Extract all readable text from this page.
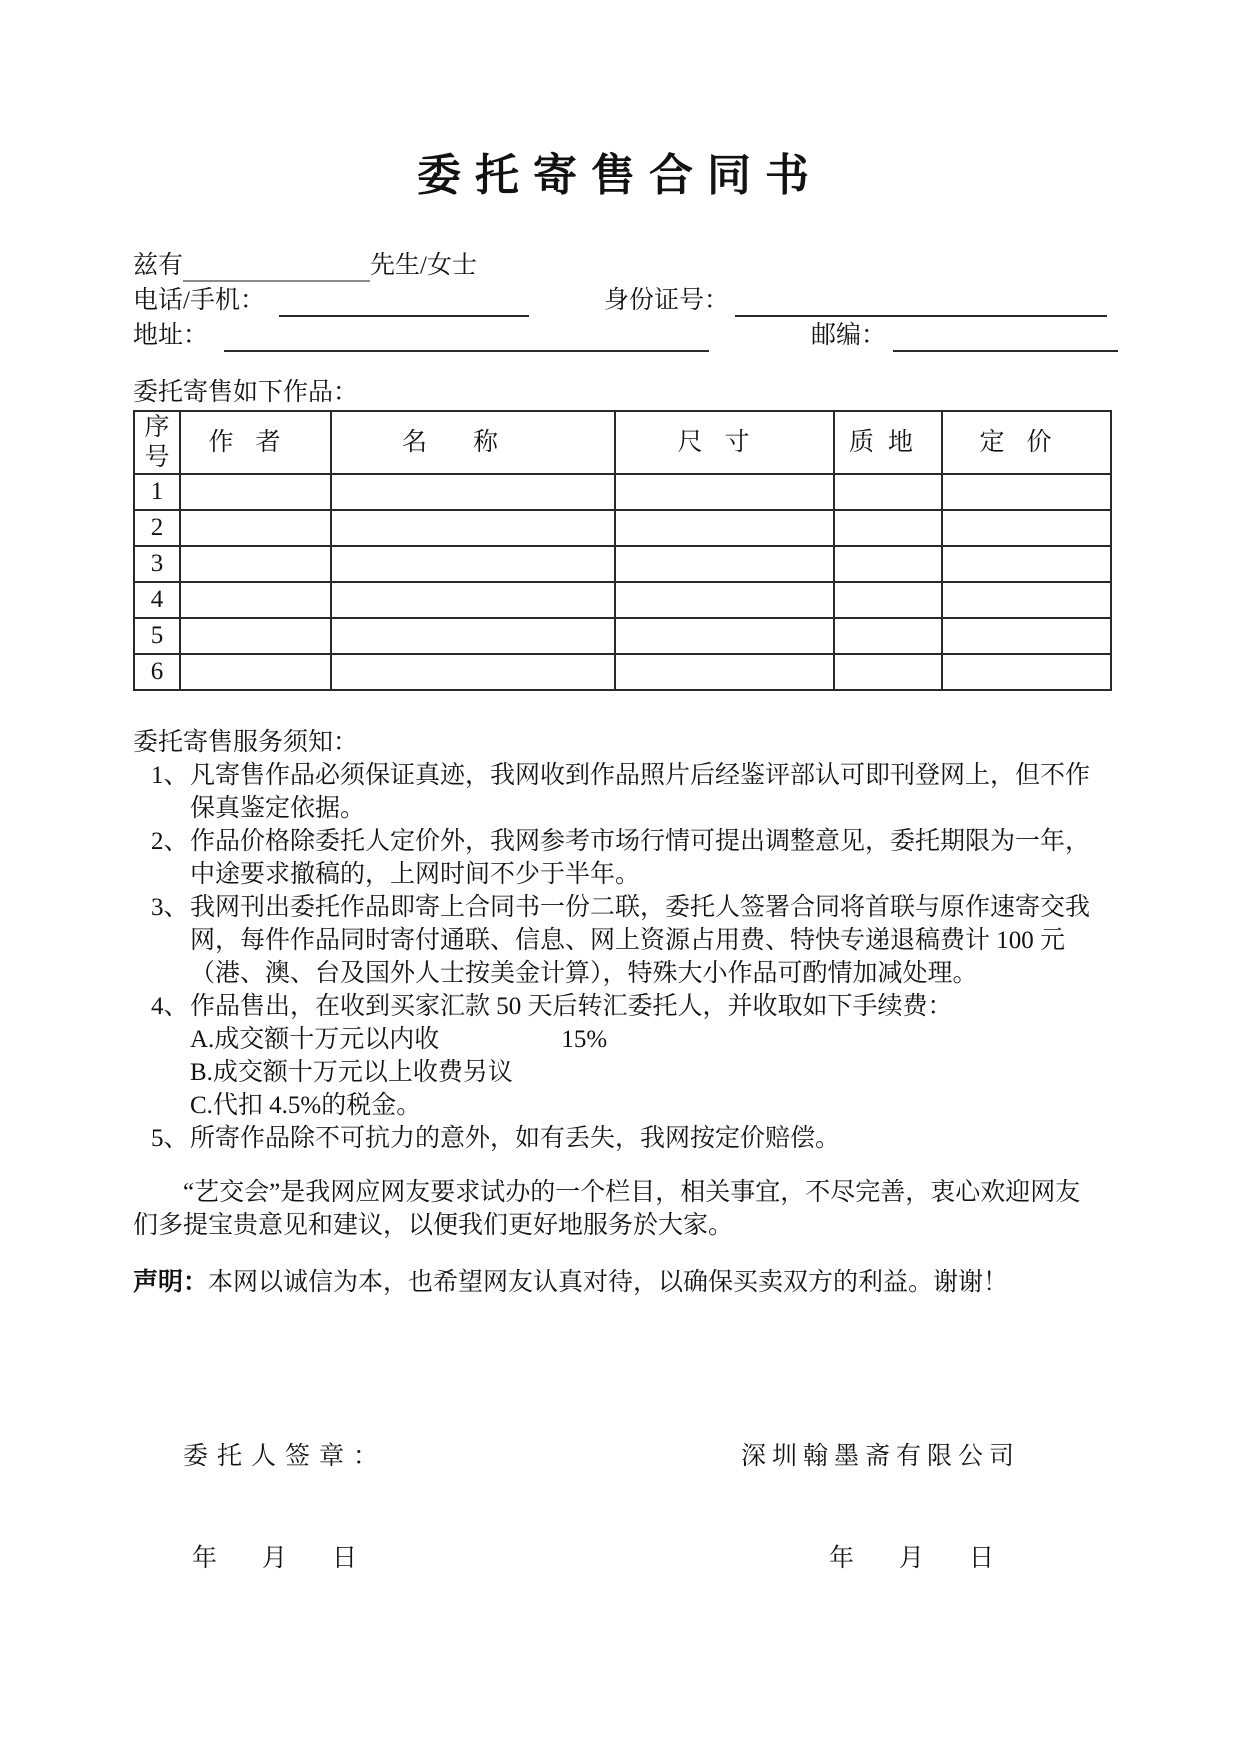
委托寄售合同书
兹有	先生/女士
电话/手机：	身份证号：
地址：	邮编：
委托寄售如下作品：
序号	作者	名称	尺寸	质地	定价
1					
2					
3					
4					
5					
6					
委托寄售服务须知：
1、 凡寄售作品必须保证真迹，我网收到作品照片后经鉴评部认可即刊登网上，但不作
保真鉴定依据。
2、 作品价格除委托人定价外，我网参考市场行情可提出调整意见，委托期限为一年，
中途要求撤稿的，上网时间不少于半年。
3、 我网刊出委托作品即寄上合同书一份二联，委托人签署合同将首联与原作速寄交我
网，每件作品同时寄付通联、信息、网上资源占用费、特快专递退稿费计 100 元
（港、澳、台及国外人士按美金计算），特殊大小作品可酌情加减处理。
4、 作品售出，在收到买家汇款 50 天后转汇委托人，并收取如下手续费：
A.成交额十万元以内收	15%
B.成交额十万元以上收费另议
C.代扣 4.5%的税金。
5、 所寄作品除不可抗力的意外，如有丢失，我网按定价赔偿。
“艺交会”是我网应网友要求试办的一个栏目，相关事宜，不尽完善，衷心欢迎网友
们多提宝贵意见和建议，以便我们更好地服务於大家。
声明：本网以诚信为本，也希望网友认真对待，以确保买卖双方的利益。谢谢！
委托人签章：	深圳翰墨斋有限公司
年　月　日	年　月　日
